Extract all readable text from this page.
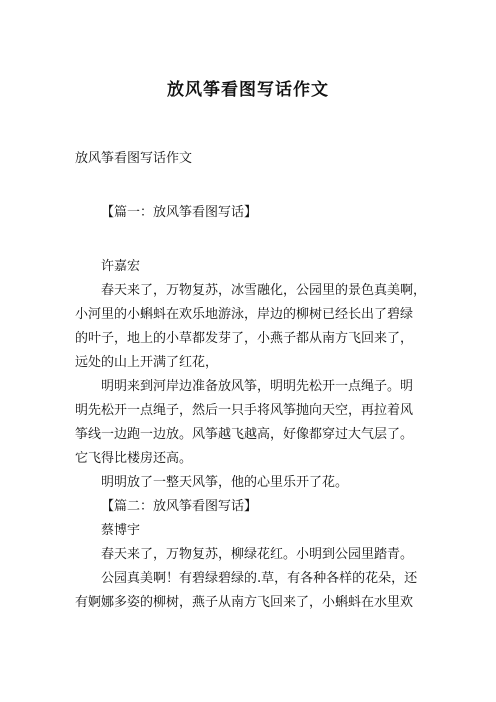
放风筝看图写话作文
放风筝看图写话作文
【篇一：放风筝看图写话】
许嘉宏
春天来了，万物复苏，冰雪融化，公园里的景色真美啊，
小河里的小蝌蚪在欢乐地游泳，岸边的柳树已经长出了碧绿
的叶子，地上的小草都发芽了，小燕子都从南方飞回来了，
远处的山上开满了红花，
明明来到河岸边准备放风筝，明明先松开一点绳子。明
明先松开一点绳子，然后一只手将风筝抛向天空，再拉着风
筝线一边跑一边放。风筝越飞越高，好像都穿过大气层了。
它飞得比楼房还高。
明明放了一整天风筝，他的心里乐开了花。
【篇二：放风筝看图写话】
蔡博宇
春天来了，万物复苏，柳绿花红。小明到公园里踏青。
公园真美啊！有碧绿碧绿的.草，有各种各样的花朵，还
有婀娜多姿的柳树，燕子从南方飞回来了，小蝌蚪在水里欢
